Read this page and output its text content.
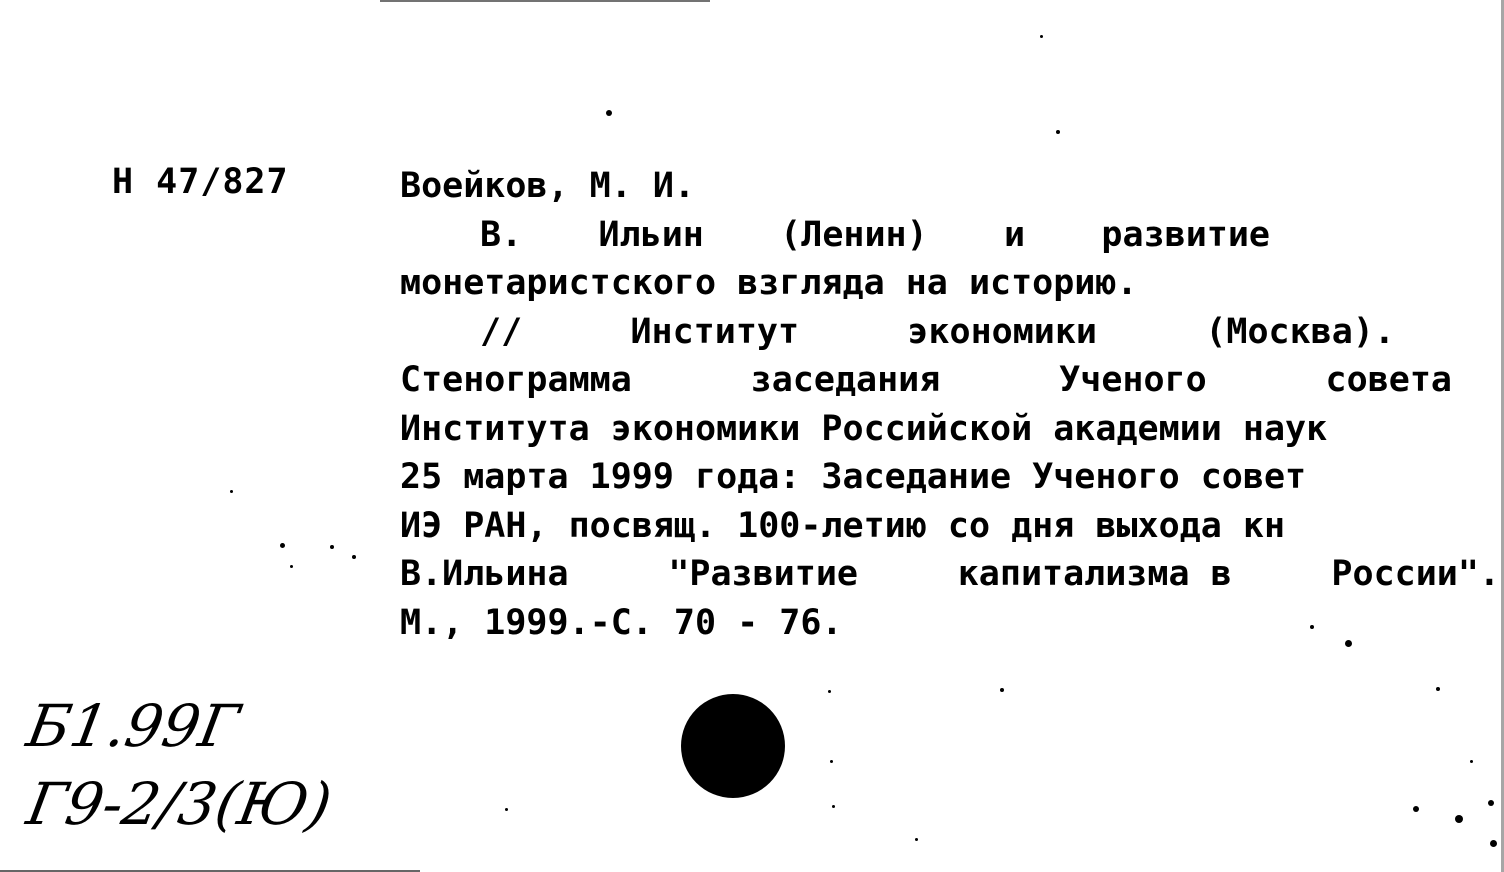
Н 47/827	Воейков, М. И.
В. Ильин (Ленин) и развитие
монетаристского взгляда на историю.
//	Институт	экономики	(Москва).
Стенограмма	заседания	Ученого	совета
Института экономики Российской академии наук
25 марта 1999 года: Заседание Ученого совет
ИЭ РАН, посвящ. 100-летию со дня выхода кн
В.Ильина	"Развитие	капитализма в	России".
М., 1999.-С. 70 - 76.
Б1.99Г
Г9-2/3(Ю)
